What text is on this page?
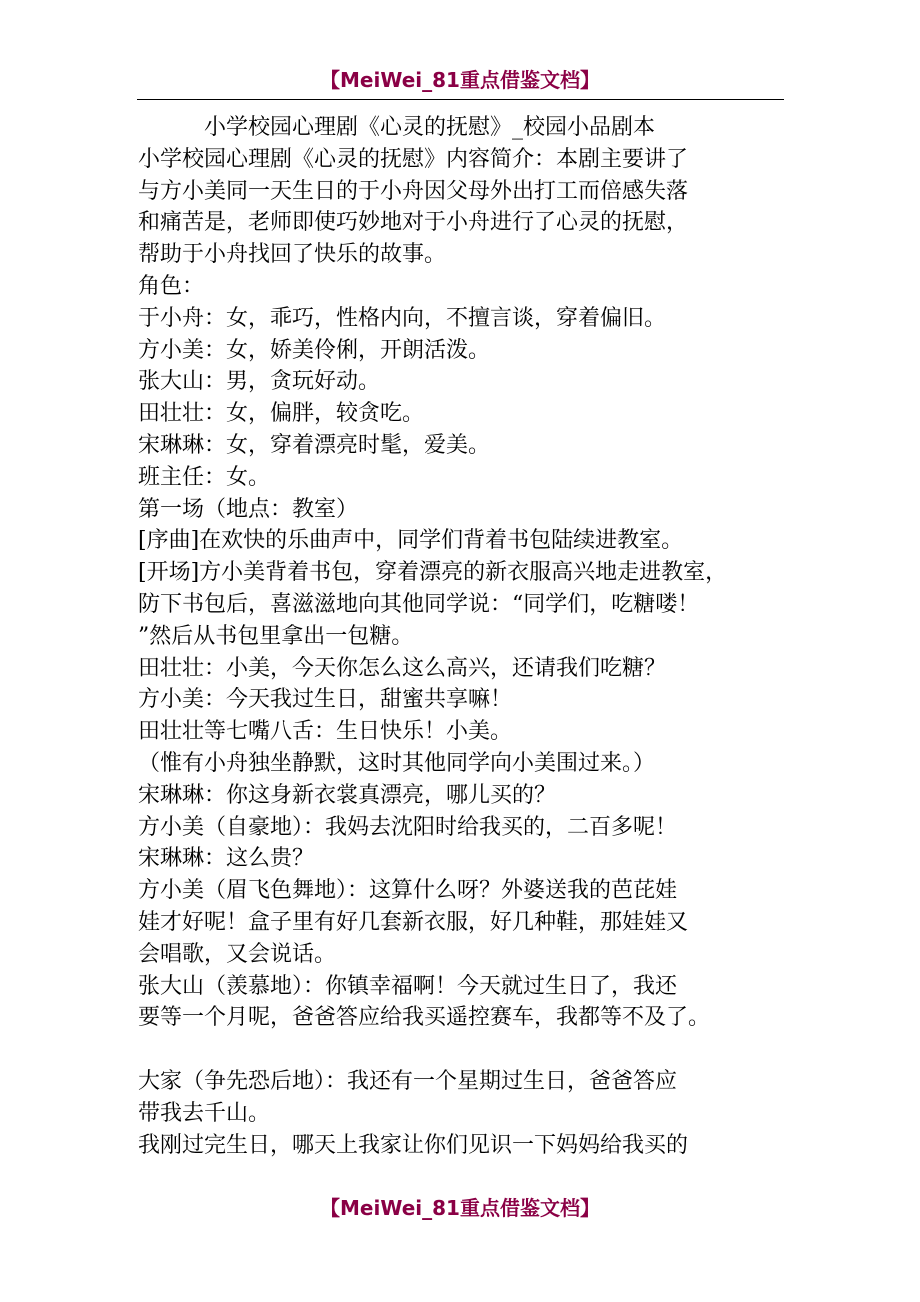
【MeiWei_81重点借鉴文档】
小学校园心理剧《心灵的抚慰》_校园小品剧本
小学校园心理剧《心灵的抚慰》内容简介：本剧主要讲了
与方小美同一天生日的于小舟因父母外出打工而倍感失落
和痛苦是，老师即使巧妙地对于小舟进行了心灵的抚慰，
帮助于小舟找回了快乐的故事。
角色：
于小舟：女，乖巧，性格内向，不擅言谈，穿着偏旧。
方小美：女，娇美伶俐，开朗活泼。
张大山：男，贪玩好动。
田壮壮：女，偏胖，较贪吃。
宋琳琳：女，穿着漂亮时髦，爱美。
班主任：女。
第一场（地点：教室）
[序曲]在欢快的乐曲声中，同学们背着书包陆续进教室。
[开场]方小美背着书包，穿着漂亮的新衣服高兴地走进教室，
防下书包后，喜滋滋地向其他同学说：“同学们，吃糖喽！
”然后从书包里拿出一包糖。
田壮壮：小美，今天你怎么这么高兴，还请我们吃糖？
方小美：今天我过生日，甜蜜共享嘛！
田壮壮等七嘴八舌：生日快乐！小美。
（惟有小舟独坐静默，这时其他同学向小美围过来。）
宋琳琳：你这身新衣裳真漂亮，哪儿买的？
方小美（自豪地）：我妈去沈阳时给我买的，二百多呢！
宋琳琳：这么贵？
方小美（眉飞色舞地）：这算什么呀？外婆送我的芭芘娃
娃才好呢！盒子里有好几套新衣服，好几种鞋，那娃娃又
会唱歌，又会说话。
张大山（羡慕地）：你镇幸福啊！今天就过生日了，我还
要等一个月呢，爸爸答应给我买遥控赛车，我都等不及了。
大家（争先恐后地）：我还有一个星期过生日，爸爸答应
带我去千山。
我刚过完生日，哪天上我家让你们见识一下妈妈给我买的
【MeiWei_81重点借鉴文档】
